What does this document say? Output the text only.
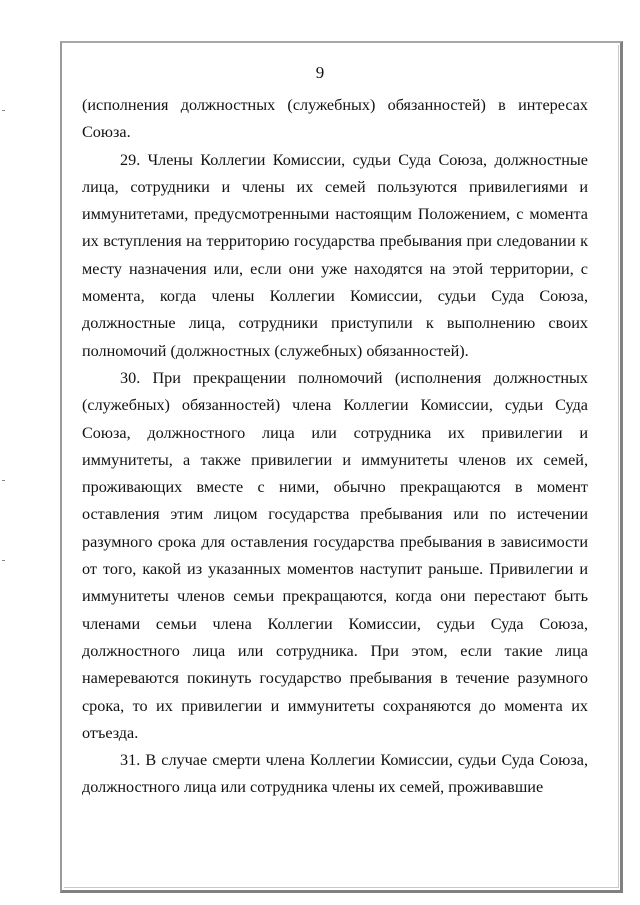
9

(исполнения должностных (служебных) обязанностей) в интересах Союза.

29. Члены Коллегии Комиссии, судьи Суда Союза, должностные лица, сотрудники и члены их семей пользуются привилегиями и иммунитетами, предусмотренными настоящим Положением, с момента их вступления на территорию государства пребывания при следовании к месту назначения или, если они уже находятся на этой территории, с момента, когда члены Коллегии Комиссии, судьи Суда Союза, должностные лица, сотрудники приступили к выполнению своих полномочий (должностных (служебных) обязанностей).

30. При прекращении полномочий (исполнения должностных (служебных) обязанностей) члена Коллегии Комиссии, судьи Суда Союза, должностного лица или сотрудника их привилегии и иммунитеты, а также привилегии и иммунитеты членов их семей, проживающих вместе с ними, обычно прекращаются в момент оставления этим лицом государства пребывания или по истечении разумного срока для оставления государства пребывания в зависимости от того, какой из указанных моментов наступит раньше. Привилегии и иммунитеты членов семьи прекращаются, когда они перестают быть членами семьи члена Коллегии Комиссии, судьи Суда Союза, должностного лица или сотрудника. При этом, если такие лица намереваются покинуть государство пребывания в течение разумного срока, то их привилегии и иммунитеты сохраняются до момента их отъезда.

31. В случае смерти члена Коллегии Комиссии, судьи Суда Союза, должностного лица или сотрудника члены их семей, проживавшие
